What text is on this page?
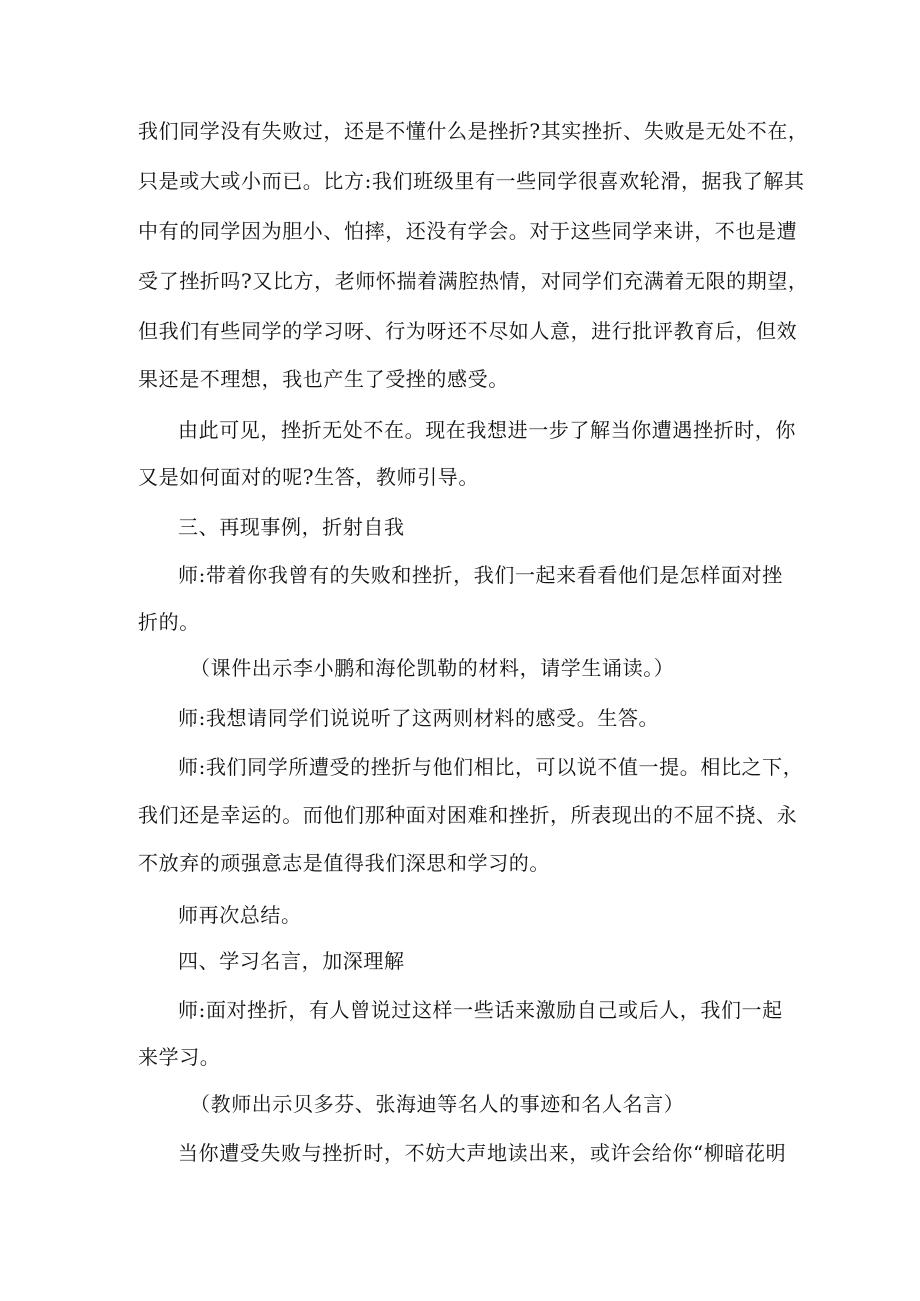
我们同学没有失败过，还是不懂什么是挫折?其实挫折、失败是无处不在，
只是或大或小而已。比方:我们班级里有一些同学很喜欢轮滑，据我了解其
中有的同学因为胆小、怕摔，还没有学会。对于这些同学来讲，不也是遭
受了挫折吗?又比方，老师怀揣着满腔热情，对同学们充满着无限的期望，
但我们有些同学的学习呀、行为呀还不尽如人意，进行批评教育后，但效
果还是不理想，我也产生了受挫的感受。
由此可见，挫折无处不在。现在我想进一步了解当你遭遇挫折时，你
又是如何面对的呢?生答，教师引导。
三、再现事例，折射自我
师:带着你我曾有的失败和挫折，我们一起来看看他们是怎样面对挫
折的。
（课件出示李小鹏和海伦凯勒的材料，请学生诵读。）
师:我想请同学们说说听了这两则材料的感受。生答。
师:我们同学所遭受的挫折与他们相比，可以说不值一提。相比之下，
我们还是幸运的。而他们那种面对困难和挫折，所表现出的不屈不挠、永
不放弃的顽强意志是值得我们深思和学习的。
师再次总结。
四、学习名言，加深理解
师:面对挫折，有人曾说过这样一些话来激励自己或后人，我们一起
来学习。
（教师出示贝多芬、张海迪等名人的事迹和名人名言）
当你遭受失败与挫折时，不妨大声地读出来，或许会给你“柳暗花明
